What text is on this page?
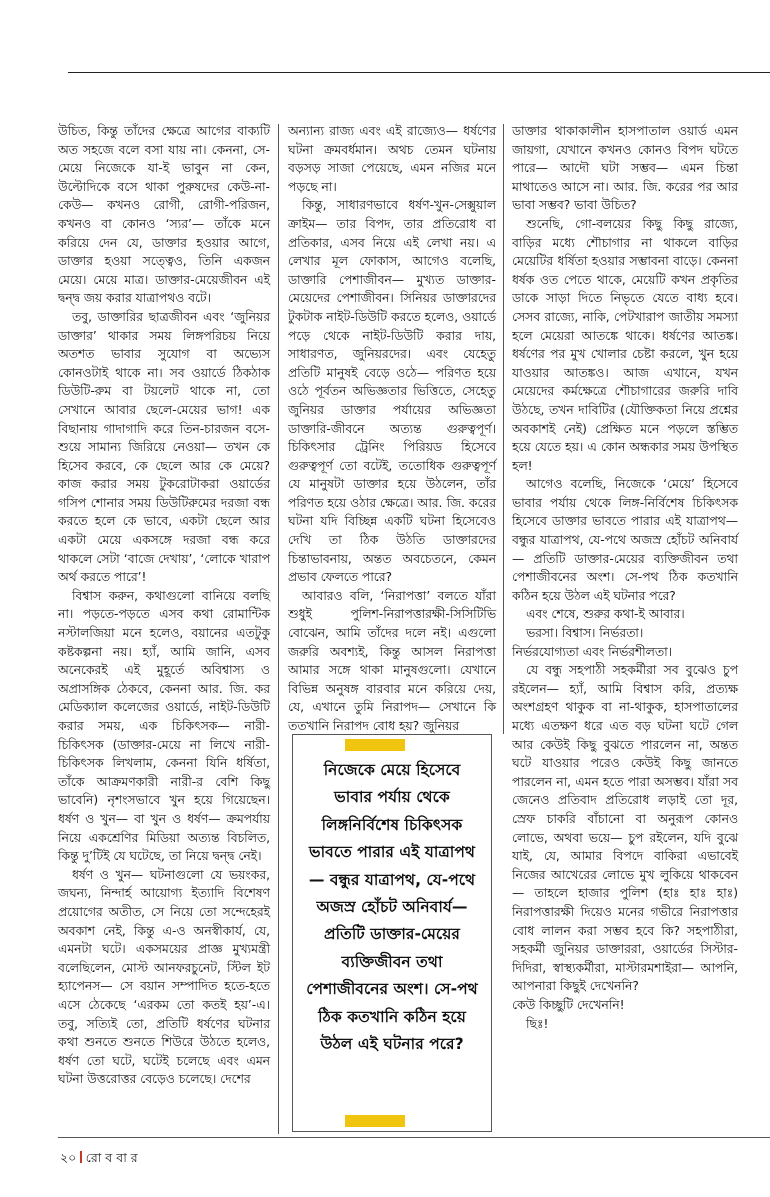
উচিত, কিন্তু তাঁদের ক্ষেত্রে আগের বাক্যটি অত সহজে বলে বসা যায় না। কেননা, সে-মেয়ে নিজেকে যা-ই ভাবুন না কেন, উল্টোদিকে বসে থাকা পুরুষদের কেউ-না-কেউ— কখনও রোগী, রোগী-পরিজন, কখনও বা কোনও ‘স্যর’— তাঁকে মনে করিয়ে দেন যে, ডাক্তার হওয়ার আগে, ডাক্তার হওয়া সত্ত্বেও, তিনি একজন মেয়ে। মেয়ে মাত্র। ডাক্তার-মেয়েজীবন এই দ্বন্দ্ব জয় করার যাত্রাপথও বটে।

তবু, ডাক্তারির ছাত্রজীবন এবং ‘জুনিয়র ডাক্তার’ থাকার সময় লিঙ্গপরিচয় নিয়ে অতশত ভাবার সুযোগ বা অভ্যেস কোনওটাই থাকে না। সব ওয়ার্ডে ঠিকঠাক ডিউটি-রুম বা টয়লেট থাকে না, তো সেখানে আবার ছেলে-মেয়ের ভাগ! এক বিছানায় গাদাগাদি করে তিন-চারজন বসে-শুয়ে সামান্য জিরিয়ে নেওয়া— তখন কে হিসেব করবে, কে ছেলে আর কে মেয়ে? কাজ করার সময় টুকরোটাকরা ওয়ার্ডের গসিপ শোনার সময় ডিউটিরুমের দরজা বন্ধ করতে হলে কে ভাবে, একটা ছেলে আর একটা মেয়ে একসঙ্গে দরজা বন্ধ করে থাকলে সেটা ‘বাজে দেখায়’, ‘লোকে খারাপ অর্থ করতে পারে’!

বিশ্বাস করুন, কথাগুলো বানিয়ে বলছি না। পড়তে-পড়তে এসব কথা রোমান্টিক নস্টালজিয়া মনে হলেও, বয়ানের এতটুকু কষ্টকল্পনা নয়। হ্যাঁ, আমি জানি, এসব অনেকেরই এই মুহূর্তে অবিশ্বাস্য ও অপ্রাসঙ্গিক ঠেকবে, কেননা আর. জি. কর মেডিক্যাল কলেজের ওয়ার্ডে, নাইট-ডিউটি করার সময়, এক চিকিৎসক— নারী-চিকিৎসক (ডাক্তার-মেয়ে না লিখে নারী-চিকিৎসক লিখলাম, কেননা যিনি ধর্ষিতা, তাঁকে আক্রমণকারী নারী-র বেশি কিছু ভাবেনি) নৃশংসভাবে খুন হয়ে গিয়েছেন। ধর্ষণ ও খুন— বা খুন ও ধর্ষণ— ক্রমপর্যায় নিয়ে একশ্রেণির মিডিয়া অত্যন্ত বিচলিত, কিন্তু দু’টিই যে ঘটেছে, তা নিয়ে দ্বন্দ্ব নেই।

ধর্ষণ ও খুন— ঘটনাগুলো যে ভয়ংকর, জঘন্য, নিন্দার্হ আয়োগ্য ইত্যাদি বিশেষণ প্রয়োগের অতীত, সে নিয়ে তো সন্দেহেরই অবকাশ নেই, কিন্তু এ-ও অনস্বীকার্য, যে, এমনটা ঘটে। একসময়ের প্রাজ্ঞ মুখ্যমন্ত্রী বলেছিলেন, মোস্ট আনফরচুনেট, স্টিল ইট হ্যাপেনস— সে বয়ান সম্পাদিত হতে-হতে এসে ঠেকেছে ‘এরকম তো কতই হয়’-এ। তবু, সত্যিই তো, প্রতিটি ধর্ষণের ঘটনার কথা শুনতে শুনতে শিউরে উঠতে হলেও, ধর্ষণ তো ঘটে, ঘটেই চলেছে এবং এমন ঘটনা উত্তরোত্তর বেড়েও চলেছে। দেশের

অন্যান্য রাজ্য এবং এই রাজ্যেও— ধর্ষণের ঘটনা ক্রমবর্ধমান। অথচ তেমন ঘটনায় বড়সড় সাজা পেয়েছে, এমন নজির মনে পড়ছে না।

কিন্তু, সাধারণভাবে ধর্ষণ-খুন-সেক্সুয়াল ক্রাইম— তার বিপদ, তার প্রতিরোধ বা প্রতিকার, এসব নিয়ে এই লেখা নয়। এ লেখার মূল ফোকাস, আগেও বলেছি, ডাক্তারি পেশাজীবন— মুখ্যত ডাক্তার-মেয়েদের পেশাজীবন। সিনিয়র ডাক্তারদের টুকটাক নাইট-ডিউটি করতে হলেও, ওয়ার্ডে পড়ে থেকে নাইট-ডিউটি করার দায়, সাধারণত, জুনিয়রদের। এবং যেহেতু প্রতিটি মানুষই বেড়ে ওঠে— পরিণত হয়ে ওঠে পূর্বতন অভিজ্ঞতার ভিত্তিতে, সেহেতু জুনিয়র ডাক্তার পর্যায়ের অভিজ্ঞতা ডাক্তারি-জীবনে অত্যন্ত গুরুত্বপূর্ণ। চিকিৎসার ট্রেনিং পিরিয়ড হিসেবে গুরুত্বপূর্ণ তো বটেই, ততোধিক গুরুত্বপূর্ণ যে মানুষটা ডাক্তার হয়ে উঠলেন, তাঁর পরিণত হয়ে ওঠার ক্ষেত্রে। আর. জি. করের ঘটনা যদি বিচ্ছিন্ন একটি ঘটনা হিসেবেও দেখি তা ঠিক উঠতি ডাক্তারদের চিন্তাভাবনায়, অন্তত অবচেতনে, কেমন প্রভাব ফেলতে পারে?

আবারও বলি, ‘নিরাপত্তা’ বলতে যাঁরা শুধুই পুলিশ-নিরাপত্তারক্ষী-সিসিটিভি বোঝেন, আমি তাঁদের দলে নই। এগুলো জরুরি অবশ্যই, কিন্তু আসল নিরাপত্তা আমার সঙ্গে থাকা মানুষগুলো। যেখানে বিভিন্ন অনুষঙ্গ বারবার মনে করিয়ে দেয়, যে, এখানে তুমি নিরাপদ— সেখানে কি ততখানি নিরাপদ বোধ হয়? জুনিয়র

ডাক্তার থাকাকালীন হাসপাতাল ওয়ার্ড এমন জায়গা, যেখানে কখনও কোনও বিপদ ঘটতে পারে— আদৌ ঘটা সম্ভব— এমন চিন্তা মাথাতেও আসে না। আর. জি. করের পর আর ভাবা সম্ভব? ভাবা উচিত?

শুনেছি, গো-বলয়ের কিছু কিছু রাজ্যে, বাড়ির মধ্যে শৌচাগার না থাকলে বাড়ির মেয়েটির ধর্ষিতা হওয়ার সম্ভাবনা বাড়ে। কেননা ধর্ষক ওত পেতে থাকে, মেয়েটি কখন প্রকৃতির ডাকে সাড়া দিতে নিভৃতে যেতে বাধ্য হবে। সেসব রাজ্যে, নাকি, পেটখারাপ জাতীয় সমস্যা হলে মেয়েরা আতঙ্কে থাকে। ধর্ষণের আতঙ্ক। ধর্ষণের পর মুখ খোলার চেষ্টা করলে, খুন হয়ে যাওয়ার আতঙ্কও। আজ এখানে, যখন মেয়েদের কর্মক্ষেত্রে শৌচাগারের জরুরি দাবি উঠছে, তখন দাবিটির (যৌক্তিকতা নিয়ে প্রশ্নের অবকাশই নেই) প্রেক্ষিত মনে পড়লে স্তম্ভিত হয়ে যেতে হয়। এ কোন অন্ধকার সময় উপস্থিত হল!

আগেও বলেছি, নিজেকে ‘মেয়ে’ হিসেবে ভাবার পর্যায় থেকে লিঙ্গ-নির্বিশেষ চিকিৎসক হিসেবে ডাক্তার ভাবতে পারার এই যাত্রাপথ— বন্ধুর যাত্রাপথ, যে-পথে অজস্র হোঁচট অনিবার্য— প্রতিটি ডাক্তার-মেয়ের ব্যক্তিজীবন তথা পেশাজীবনের অংশ। সে-পথ ঠিক কতখানি কঠিন হয়ে উঠল এই ঘটনার পরে?

এবং শেষে, শুরুর কথা-ই আবার।

ভরসা। বিশ্বাস। নির্ভরতা।

নির্ভরযোগ্যতা এবং নির্ভরশীলতা।

যে বন্ধু সহপাঠী সহকর্মীরা সব বুঝেও চুপ রইলেন— হ্যাঁ, আমি বিশ্বাস করি, প্রত্যক্ষ অংশগ্রহণ থাকুক বা না-থাকুক, হাসপাতালের মধ্যে এতক্ষণ ধরে এত বড় ঘটনা ঘটে গেল আর কেউই কিছু বুঝতে পারলেন না, অন্তত ঘটে যাওয়ার পরেও কেউই কিছু জানতে পারলেন না, এমন হতে পারা অসম্ভব। যাঁরা সব জেনেও প্রতিবাদ প্রতিরোধ লড়াই তো দূর, স্রেফ চাকরি বাঁচানো বা অনুরূপ কোনও লোভে, অথবা ভয়ে— চুপ রইলেন, যদি বুঝে যাই, যে, আমার বিপদে বাকিরা এভাবেই নিজের আখেরের লোভে মুখ লুকিয়ে থাকবেন— তাহলে হাজার পুলিশ (হাঃ হাঃ হাঃ) নিরাপত্তারক্ষী দিয়েও মনের গভীরে নিরাপত্তার বোধ লালন করা সম্ভব হবে কি? সহপাঠীরা, সহকর্মী জুনিয়র ডাক্তাররা, ওয়ার্ডের সিস্টার-দিদিরা, স্বাস্থ্যকর্মীরা, মাস্টারমশাইরা— আপনি, আপনারা কিছুই দেখেননি?

কেউ কিচ্ছুটি দেখেননি!

ছিঃ!

নিজেকে মেয়ে হিসেবে ভাবার পর্যায় থেকে লিঙ্গনির্বিশেষ চিকিৎসক ভাবতে পারার এই যাত্রাপথ— বন্ধুর যাত্রাপথ, যে-পথে অজস্র হোঁচট অনিবার্য— প্রতিটি ডাক্তার-মেয়ের ব্যক্তিজীবন তথা পেশাজীবনের অংশ। সে-পথ ঠিক কতখানি কঠিন হয়ে উঠল এই ঘটনার পরে?
২০ রো ব বা র
